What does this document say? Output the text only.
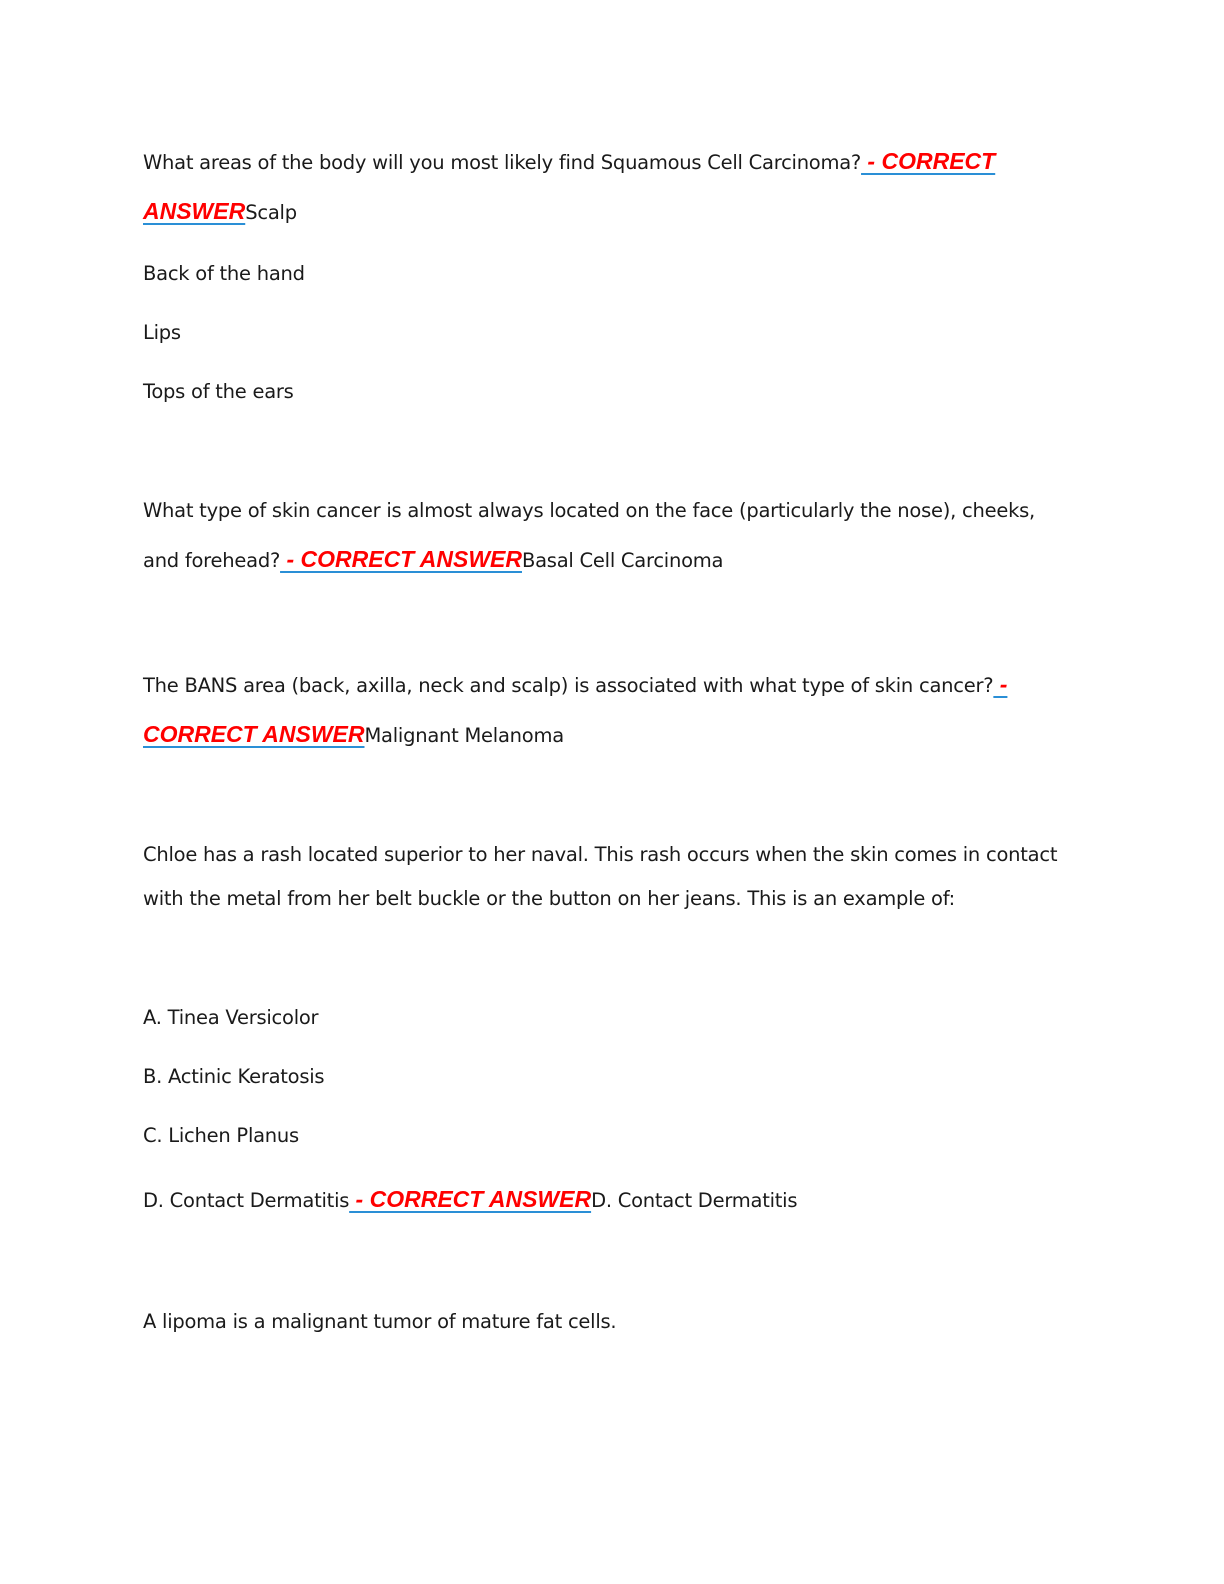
What areas of the body will you most likely find Squamous Cell Carcinoma? - CORRECT
ANSWERScalp
Back of the hand
Lips
Tops of the ears
What type of skin cancer is almost always located on the face (particularly the nose), cheeks,
and forehead? - CORRECT ANSWERBasal Cell Carcinoma
The BANS area (back, axilla, neck and scalp) is associated with what type of skin cancer? -
CORRECT ANSWERMalignant Melanoma
Chloe has a rash located superior to her naval. This rash occurs when the skin comes in contact
with the metal from her belt buckle or the button on her jeans. This is an example of:
A. Tinea Versicolor
B. Actinic Keratosis
C. Lichen Planus
D. Contact Dermatitis - CORRECT ANSWERD. Contact Dermatitis
A lipoma is a malignant tumor of mature fat cells.
